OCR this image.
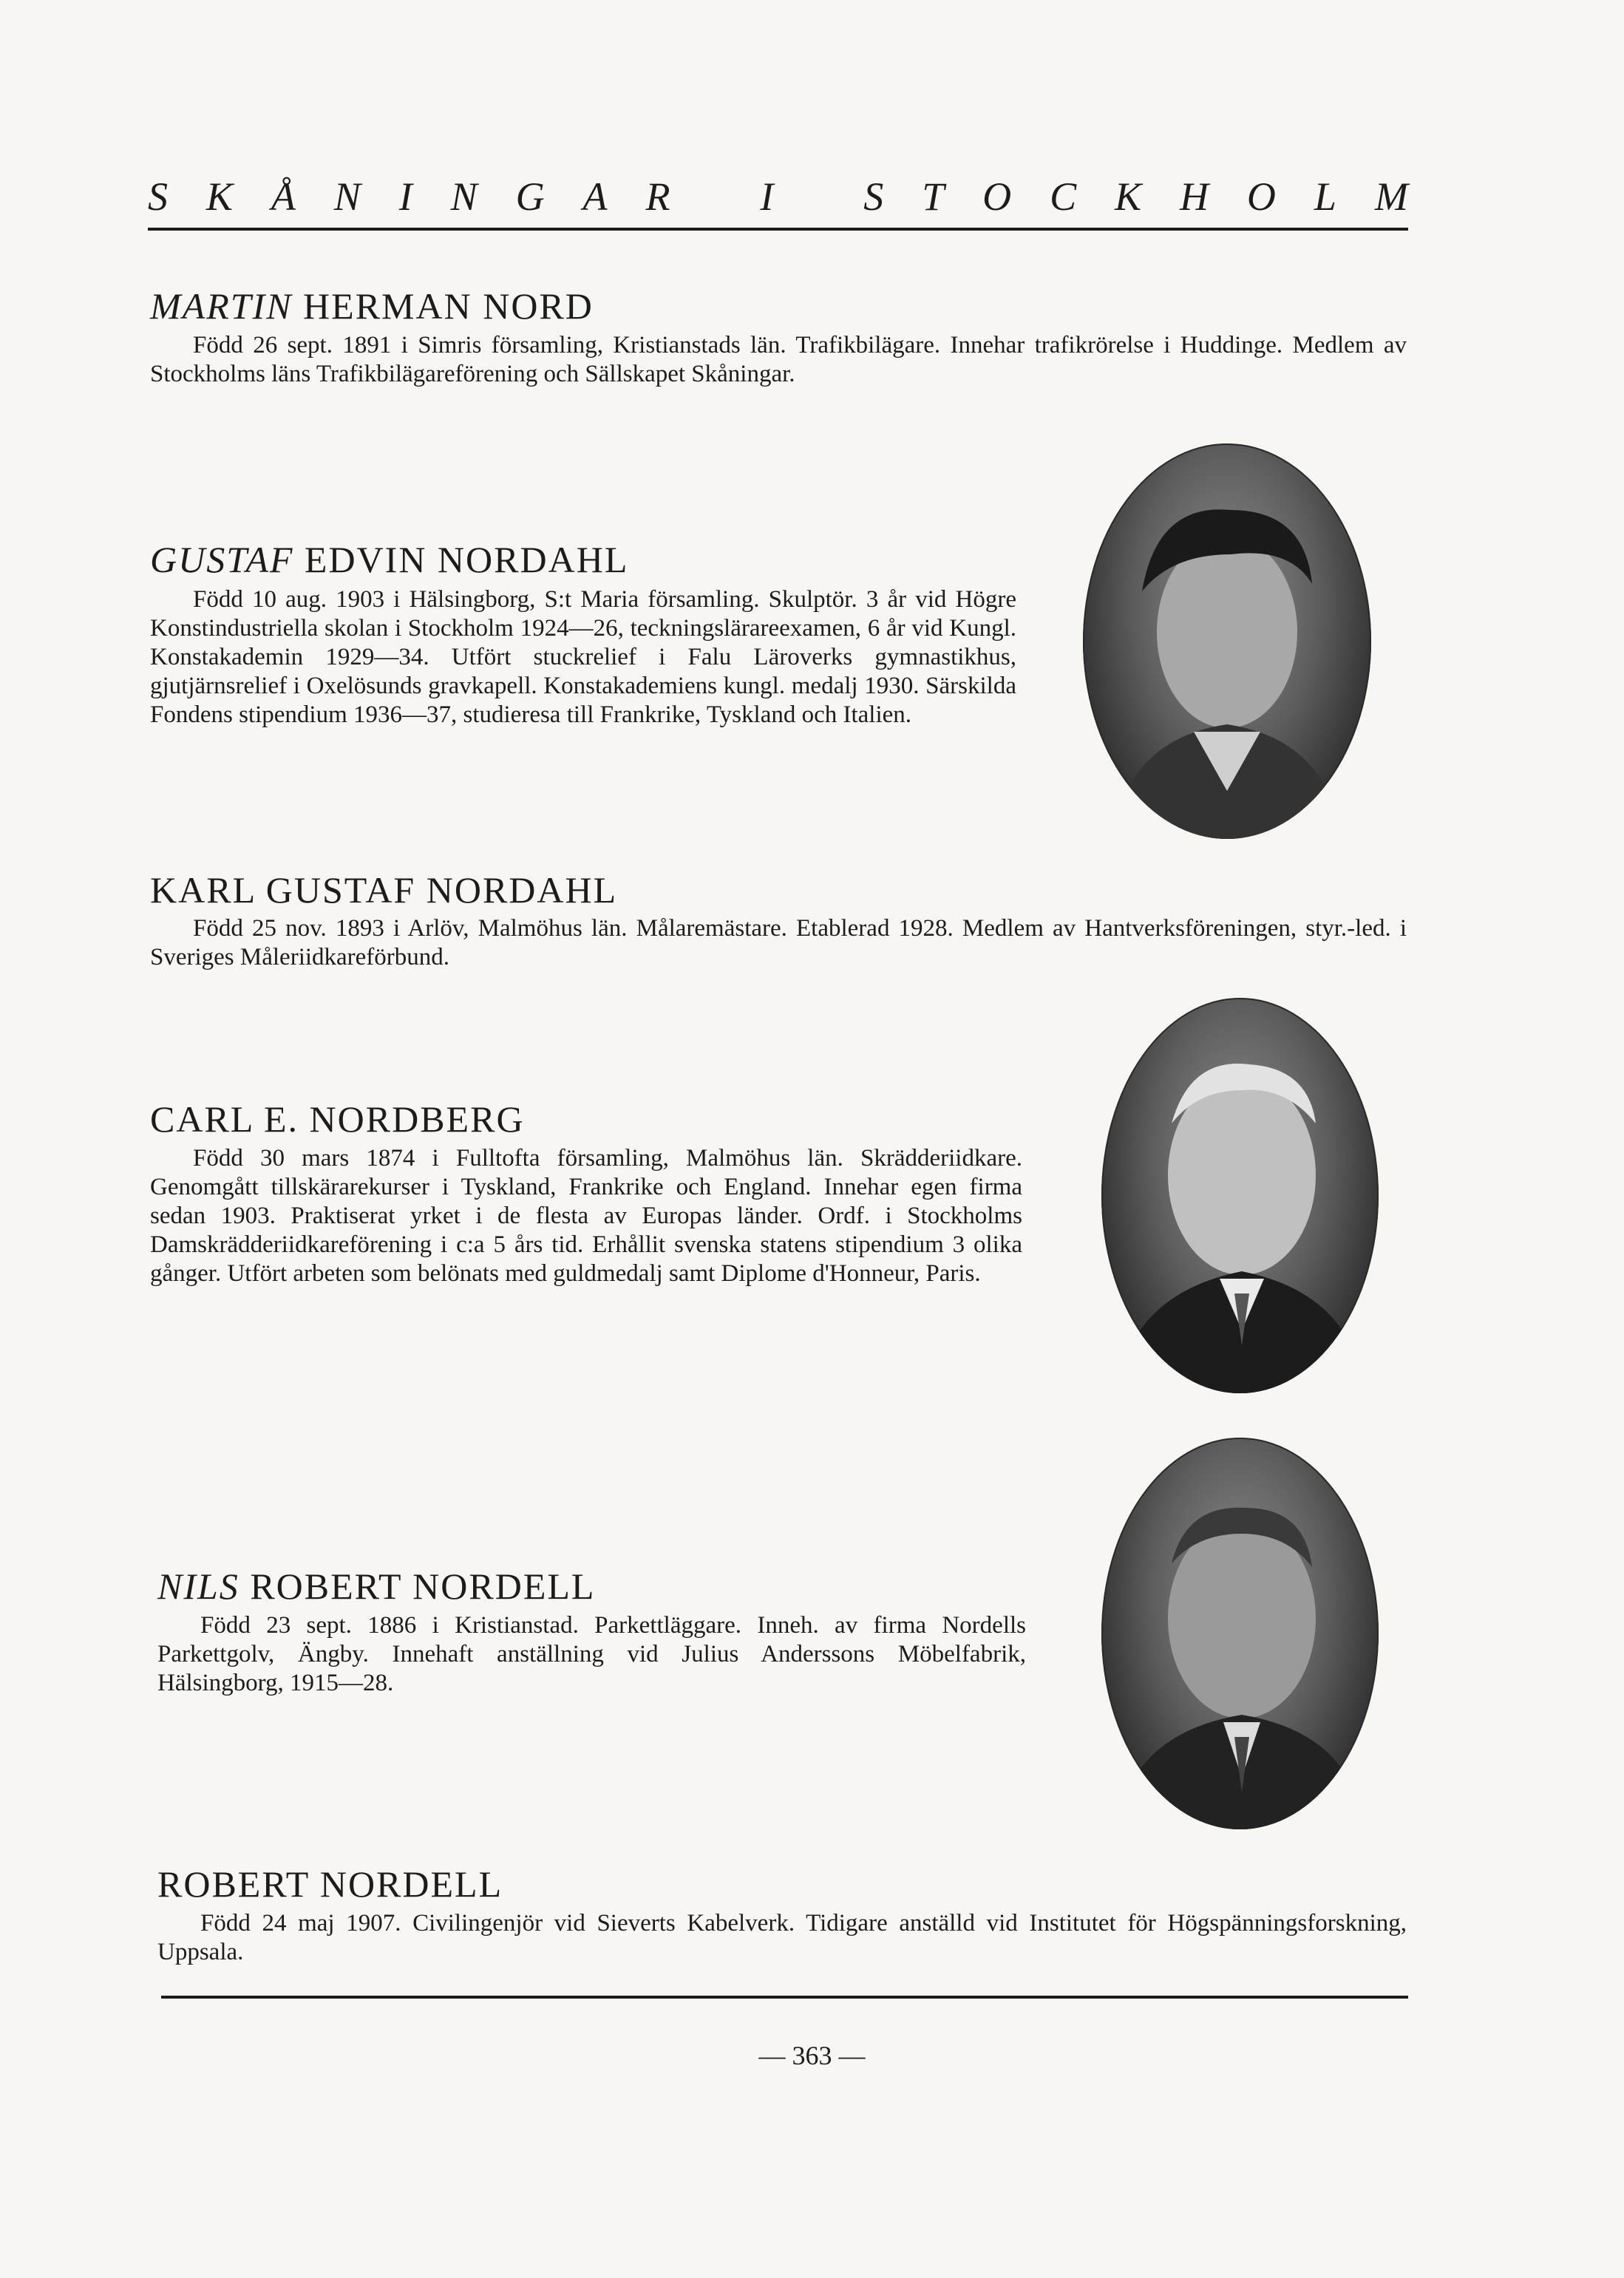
S K Å N I N G A R I S T O C K H O L M
MARTIN HERMAN NORD

Född 26 sept. 1891 i Simris församling, Kristianstads län. Trafikbilägare. Innehar trafikrörelse i Huddinge. Medlem av Stockholms läns Trafikbilägareförening och Sällskapet Skåningar.

GUSTAF EDVIN NORDAHL

Född 10 aug. 1903 i Hälsingborg, S:t Maria församling. Skulptör. 3 år vid Högre Konstindustriella skolan i Stockholm 1924—26, teckningslärareexamen, 6 år vid Kungl. Konstakademin 1929—34. Utfört stuckrelief i Falu Läroverks gymnastikhus, gjutjärnsrelief i Oxelösunds gravkapell. Konstakademiens kungl. medalj 1930. Särskilda Fondens stipendium 1936—37, studieresa till Frankrike, Tyskland och Italien.

KARL GUSTAF NORDAHL

Född 25 nov. 1893 i Arlöv, Malmöhus län. Målaremästare. Etablerad 1928. Medlem av Hantverksföreningen, styr.-led. i Sveriges Måleriidkareförbund.

CARL E. NORDBERG

Född 30 mars 1874 i Fulltofta församling, Malmöhus län. Skrädderiidkare. Genomgått tillskärarekurser i Tyskland, Frankrike och England. Innehar egen firma sedan 1903. Praktiserat yrket i de flesta av Europas länder. Ordf. i Stockholms Damskrädderiidkareförening i c:a 5 års tid. Erhållit svenska statens stipendium 3 olika gånger. Utfört arbeten som belönats med guldmedalj samt Diplome d'Honneur, Paris.

NILS ROBERT NORDELL

Född 23 sept. 1886 i Kristianstad. Parkettläggare. Inneh. av firma Nordells Parkettgolv, Ängby. Innehaft anställning vid Julius Anderssons Möbelfabrik, Hälsingborg, 1915—28.

ROBERT NORDELL

Född 24 maj 1907. Civilingenjör vid Sieverts Kabelverk. Tidigare anställd vid Institutet för Högspänningsforskning, Uppsala.

— 363 —
